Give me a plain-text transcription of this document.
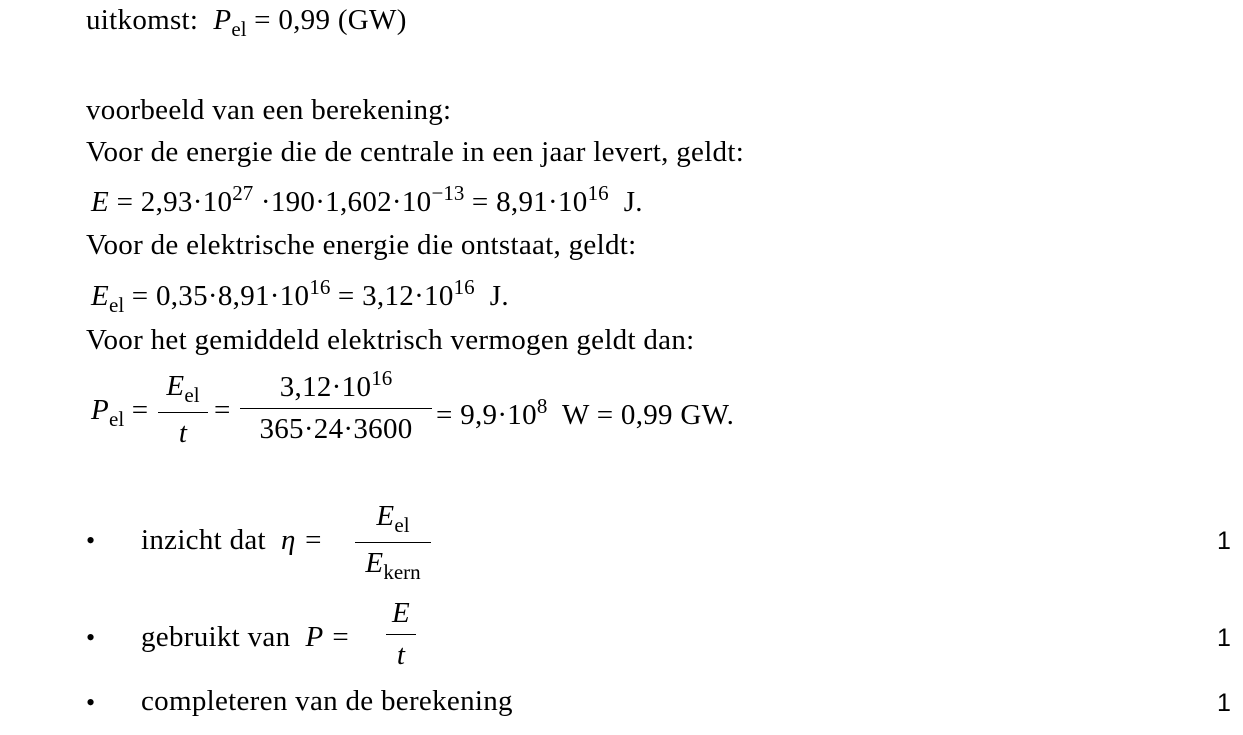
uitkomst: $P_{el} = 0,99$ (GW)
voorbeeld van een berekening:
Voor de energie die de centrale in een jaar levert, geldt:
$E = 2,93\cdot 10^{27} \cdot 190\cdot 1,602\cdot 10^{-13} = 8,91\cdot 10^{16}$ J.
Voor de elektrische energie die ontstaat, geldt:
$E_{el} = 0,35\cdot 8,91\cdot 10^{16} = 3,12\cdot 10^{16}$ J.
Voor het gemiddeld elektrisch vermogen geldt dan:
$P_{el}$ =
$E_{el}$
t
=
$3,12\cdot 10^{16}$
$365\cdot 24\cdot 3600 = 9,9\cdot 10^8$ W = 0,99 GW.
• inzicht dat η =
$E_{el}$
$E_{kern}$
1
• gebruikt van P =
E
t
1
• completeren van de berekening	1
